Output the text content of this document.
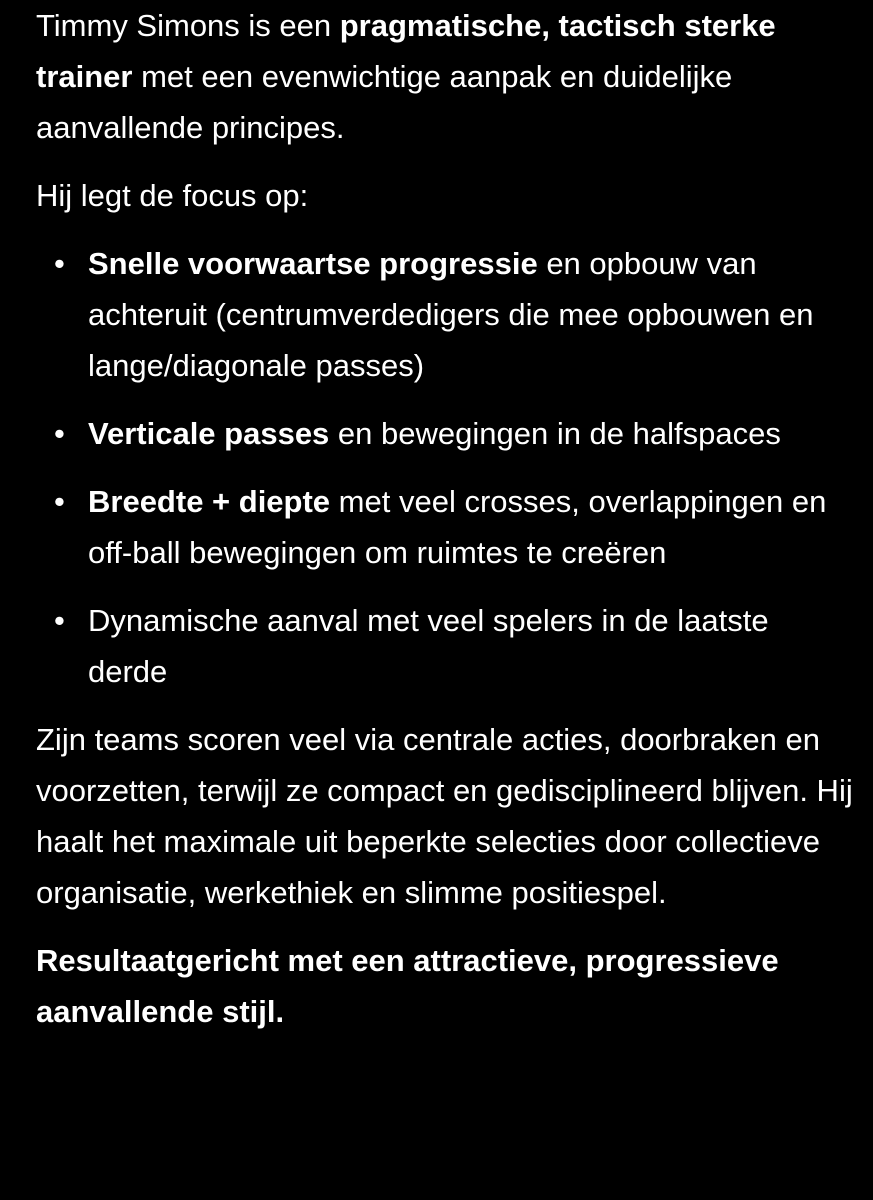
Timmy Simons is een pragmatische, tactisch sterke trainer met een evenwichtige aanpak en duidelijke aanvallende principes.

Hij legt de focus op:

• Snelle voorwaartse progressie en opbouw van achteruit (centrumverdedigers die mee opbouwen en lange/diagonale passes)
• Verticale passes en bewegingen in de halfspaces
• Breedte + diepte met veel crosses, overlappingen en off-ball bewegingen om ruimtes te creëren
• Dynamische aanval met veel spelers in de laatste derde

Zijn teams scoren veel via centrale acties, doorbraken en voorzetten, terwijl ze compact en gedisciplineerd blijven. Hij haalt het maximale uit beperkte selecties door collectieve organisatie, werkethiek en slimme positiespel.

Resultaatgericht met een attractieve, progressieve aanvallende stijl.
